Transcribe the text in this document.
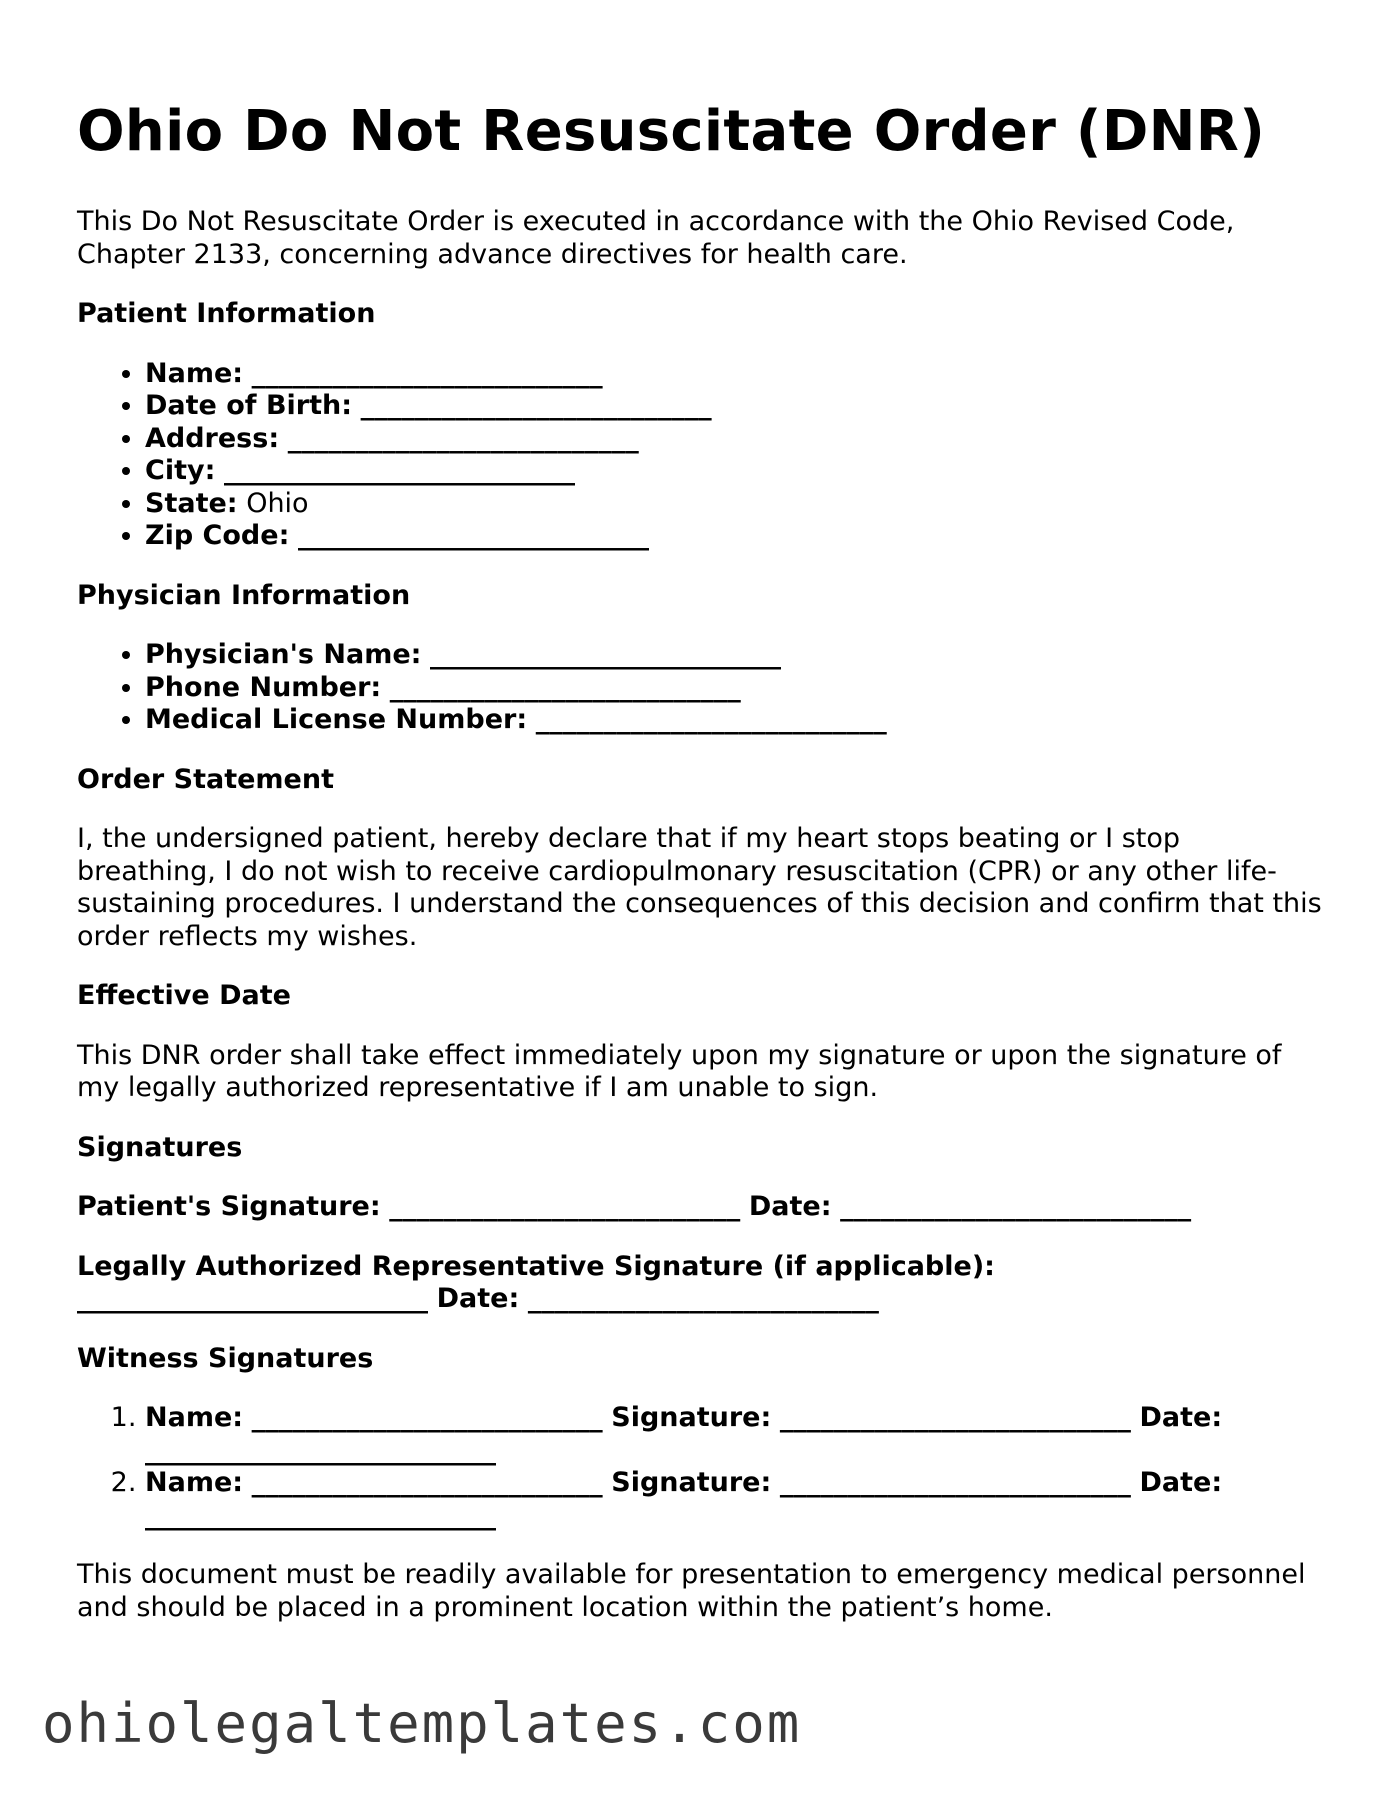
Ohio Do Not Resuscitate Order (DNR)

This Do Not Resuscitate Order is executed in accordance with the Ohio Revised Code, Chapter 2133, concerning advance directives for health care.

Patient Information
• Name: __________________________
• Date of Birth: __________________________
• Address: __________________________
• City: __________________________
• State: Ohio
• Zip Code: __________________________
Physician Information
• Physician's Name: __________________________
• Phone Number: __________________________
• Medical License Number: __________________________
Order Statement

I, the undersigned patient, hereby declare that if my heart stops beating or I stop breathing, I do not wish to receive cardiopulmonary resuscitation (CPR) or any other life-sustaining procedures. I understand the consequences of this decision and confirm that this order reflects my wishes.

Effective Date

This DNR order shall take effect immediately upon my signature or upon the signature of my legally authorized representative if I am unable to sign.

Signatures

Patient's Signature: __________________________ Date: __________________________

Legally Authorized Representative Signature (if applicable):
__________________________ Date: __________________________

Witness Signatures
1. Name: __________________________ Signature: __________________________ Date: __________________________
2. Name: __________________________ Signature: __________________________ Date: __________________________

This document must be readily available for presentation to emergency medical personnel and should be placed in a prominent location within the patient’s home.

ohiolegaltemplates.com
